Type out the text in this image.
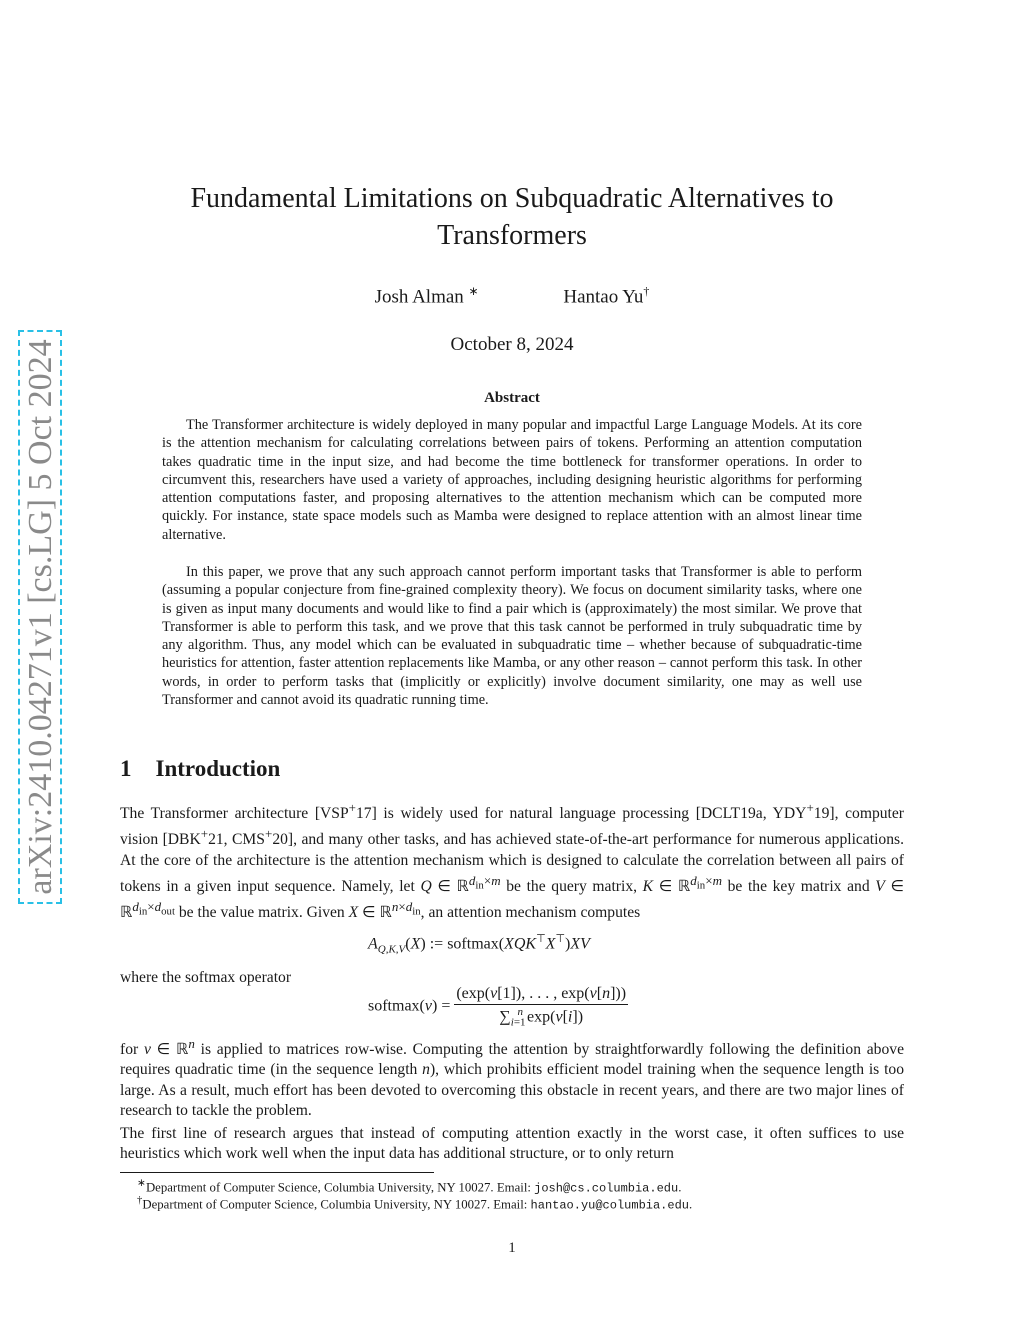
arXiv:2410.04271v1 [cs.LG] 5 Oct 2024
Fundamental Limitations on Subquadratic Alternatives to Transformers
Josh Alman ∗	Hantao Yu†
October 8, 2024
Abstract

The Transformer architecture is widely deployed in many popular and impactful Large Language Models. At its core is the attention mechanism for calculating correlations between pairs of tokens. Performing an attention computation takes quadratic time in the input size, and had become the time bottleneck for transformer operations. In order to circumvent this, researchers have used a variety of approaches, including designing heuristic algorithms for performing attention computations faster, and proposing alternatives to the attention mechanism which can be computed more quickly. For instance, state space models such as Mamba were designed to replace attention with an almost linear time alternative.

In this paper, we prove that any such approach cannot perform important tasks that Transformer is able to perform (assuming a popular conjecture from fine-grained complexity theory). We focus on document similarity tasks, where one is given as input many documents and would like to find a pair which is (approximately) the most similar. We prove that Transformer is able to perform this task, and we prove that this task cannot be performed in truly subquadratic time by any algorithm. Thus, any model which can be evaluated in subquadratic time – whether because of subquadratic-time heuristics for attention, faster attention replacements like Mamba, or any other reason – cannot perform this task. In other words, in order to perform tasks that (implicitly or explicitly) involve document similarity, one may as well use Transformer and cannot avoid its quadratic running time.

1 Introduction

The Transformer architecture [VSP+17] is widely used for natural language processing [DCLT19a, YDY+19], computer vision [DBK+21, CMS+20], and many other tasks, and has achieved state-of-the-art performance for numerous applications. At the core of the architecture is the attention mechanism which is designed to calculate the correlation between all pairs of tokens in a given input sequence. Namely, let Q ∈ ℝ$^{d_{in}\times m}$ be the query matrix, K ∈ ℝ$^{d_{in}\times m}$ be the key matrix and V ∈ ℝ$^{d_{in}\times d_{out}}$ be the value matrix. Given X ∈ ℝ$^{n\times d_{in}}$, an attention mechanism computes

$A_{Q,K,V}(X)$ := softmax(XQK⊤X⊤)XV

where the softmax operator

softmax(v) = $\frac{(\exp(v[1]), . . . , \exp(v[n]))}{\sum_{i=1}^n \exp(v[i])}$

for v ∈ ℝ$^n$ is applied to matrices row-wise. Computing the attention by straightforwardly following the definition above requires quadratic time (in the sequence length n), which prohibits efficient model training when the sequence length is too large. As a result, much effort has been devoted to overcoming this obstacle in recent years, and there are two major lines of research to tackle the problem.

The first line of research argues that instead of computing attention exactly in the worst case, it often suffices to use heuristics which work well when the input data has additional structure, or to only return

∗Department of Computer Science, Columbia University, NY 10027. Email: josh@cs.columbia.edu.

†Department of Computer Science, Columbia University, NY 10027. Email: hantao.yu@columbia.edu.

1
